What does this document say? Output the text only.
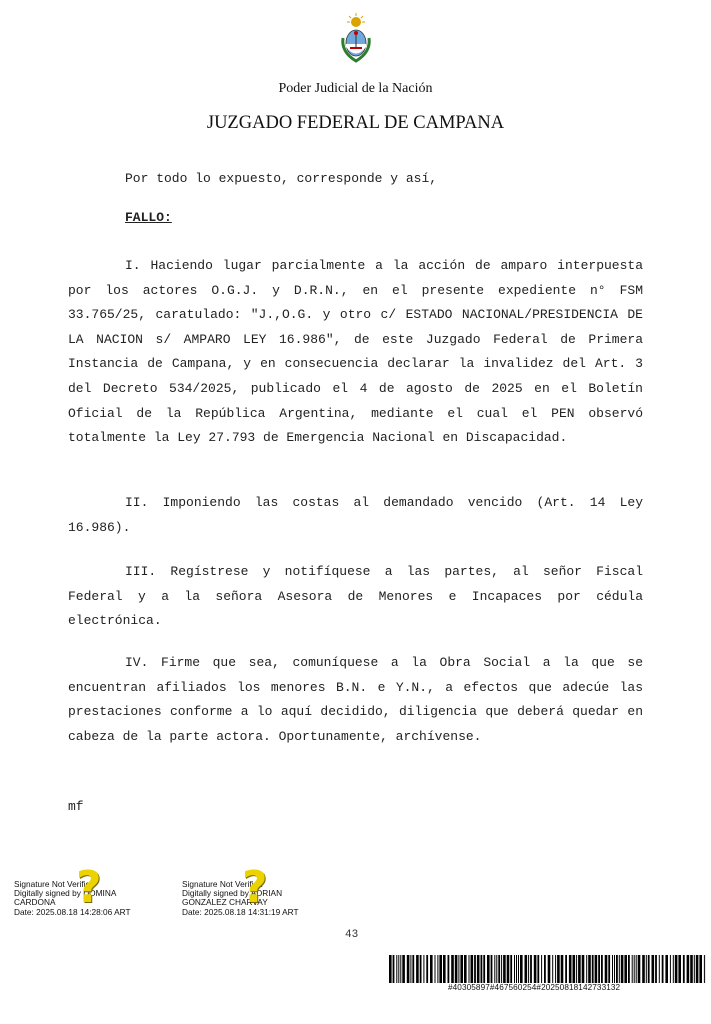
Poder Judicial de la Nación
JUZGADO FEDERAL DE CAMPANA
Por todo lo expuesto, corresponde y así,
FALLO:
I. Haciendo lugar parcialmente a la acción de amparo interpuesta por los actores O.G.J. y D.R.N., en el presente expediente n° FSM 33.765/25, caratulado: "J.,O.G. y otro c/ ESTADO NACIONAL/PRESIDENCIA DE LA NACION s/ AMPARO LEY 16.986", de este Juzgado Federal de Primera Instancia de Campana, y en consecuencia declarar la invalidez del Art. 3 del Decreto 534/2025, publicado el 4 de agosto de 2025 en el Boletín Oficial de la República Argentina, mediante el cual el PEN observó totalmente la Ley 27.793 de Emergencia Nacional en Discapacidad.
II. Imponiendo las costas al demandado vencido (Art. 14 Ley 16.986).
III. Regístrese y notifíquese a las partes, al señor Fiscal Federal y a la señora Asesora de Menores e Incapaces por cédula electrónica.
IV. Firme que sea, comuníquese a la Obra Social a la que se encuentran afiliados los menores B.N. e Y.N., a efectos que adecúe las prestaciones conforme a lo aquí decidido, diligencia que deberá quedar en cabeza de la parte actora. Oportunamente, archívense.
mf
Signature Not Verified
Digitally signed by DOMINA
CARDONA
Date: 2025.08.18 14:28:06 ART
?	Signature Not Verified
Digitally signed by ADRIAN
GONZALEZ CHARVAY
Date: 2025.08.18 14:31:19 ART
?
43
#40305897#467560254#20250818142733132
